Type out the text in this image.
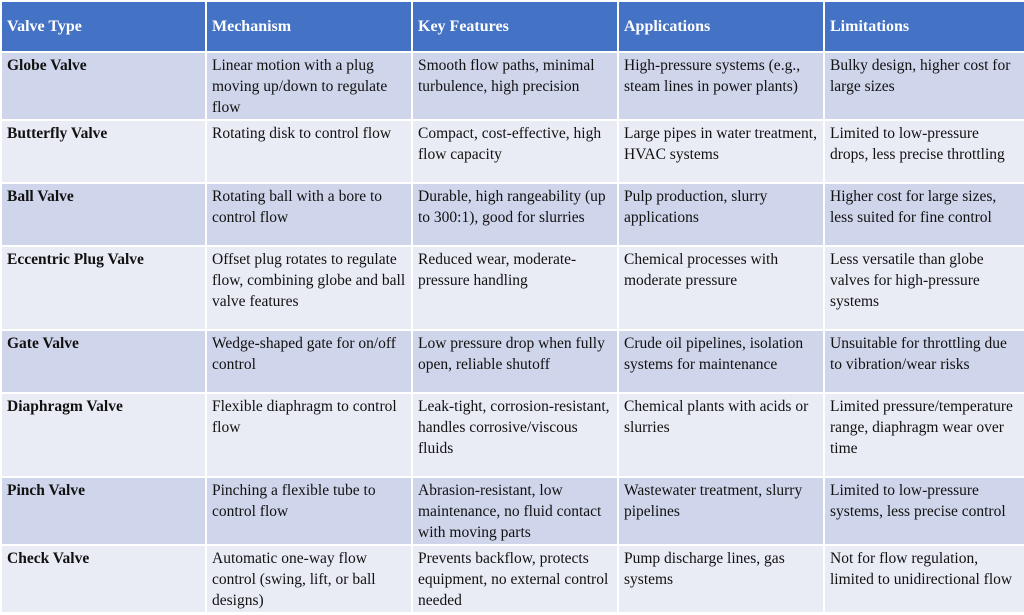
Valve Type	Mechanism	Key Features	Applications	Limitations
Globe Valve	Linear motion with a plug moving up/down to regulate flow	Smooth flow paths, minimal turbulence, high precision	High-pressure systems (e.g., steam lines in power plants)	Bulky design, higher cost for large sizes
Butterfly Valve	Rotating disk to control flow	Compact, cost-effective, high flow capacity	Large pipes in water treatment, HVAC systems	Limited to low-pressure drops, less precise throttling
Ball Valve	Rotating ball with a bore to control flow	Durable, high rangeability (up to 300:1), good for slurries	Pulp production, slurry applications	Higher cost for large sizes, less suited for fine control
Eccentric Plug Valve	Offset plug rotates to regulate flow, combining globe and ball valve features	Reduced wear, moderate-pressure handling	Chemical processes with moderate pressure	Less versatile than globe valves for high-pressure systems
Gate Valve	Wedge-shaped gate for on/off control	Low pressure drop when fully open, reliable shutoff	Crude oil pipelines, isolation systems for maintenance	Unsuitable for throttling due to vibration/wear risks
Diaphragm Valve	Flexible diaphragm to control flow	Leak-tight, corrosion-resistant, handles corrosive/viscous fluids	Chemical plants with acids or slurries	Limited pressure/temperature range, diaphragm wear over time
Pinch Valve	Pinching a flexible tube to control flow	Abrasion-resistant, low maintenance, no fluid contact with moving parts	Wastewater treatment, slurry pipelines	Limited to low-pressure systems, less precise control
Check Valve	Automatic one-way flow control (swing, lift, or ball designs)	Prevents backflow, protects equipment, no external control needed	Pump discharge lines, gas systems	Not for flow regulation, limited to unidirectional flow
